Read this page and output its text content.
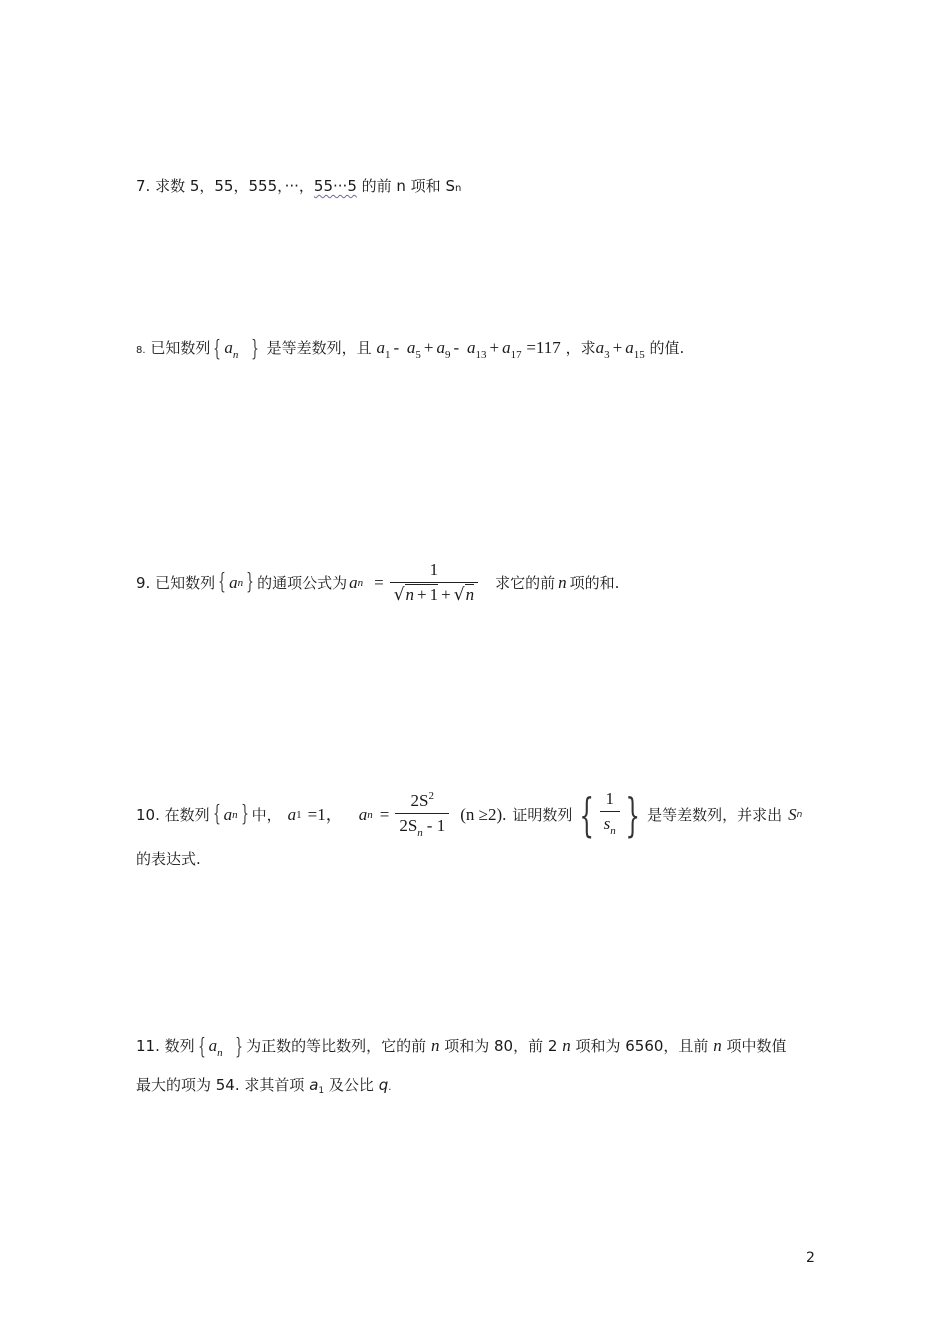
7. 求数 5，55，555，···，55···5 的前 n 项和 Sn
8. 已知数列 { $a_n$ } 是等差数列，且 $a_1 - a_5 + a_9 - a_{13} + a_{17} =117$ ，求$a_3 + a_{15}$ 的值.
9. 已知数列 { a n } 的通项公式为 a $n = \frac{1}{√n + 1 + √n}$ 求它的前 n 项的和.
10. 在数列 { a n } 中， a 1 =1， a $n = \frac{2S^2}{2S_n - 1} (n \ge 2)$. 证明数列 { $\frac{1}{s_n}$ } 是等差数列，并求出 S n
的表达式.
11. 数列 { $a_n$ } 为正数的等比数列，它的前 n 项和为 80，前 2 n 项和为 6560，且前 n 项中数值
最大的项为 54. 求其首项 $a_1$ 及公比 q.
2
